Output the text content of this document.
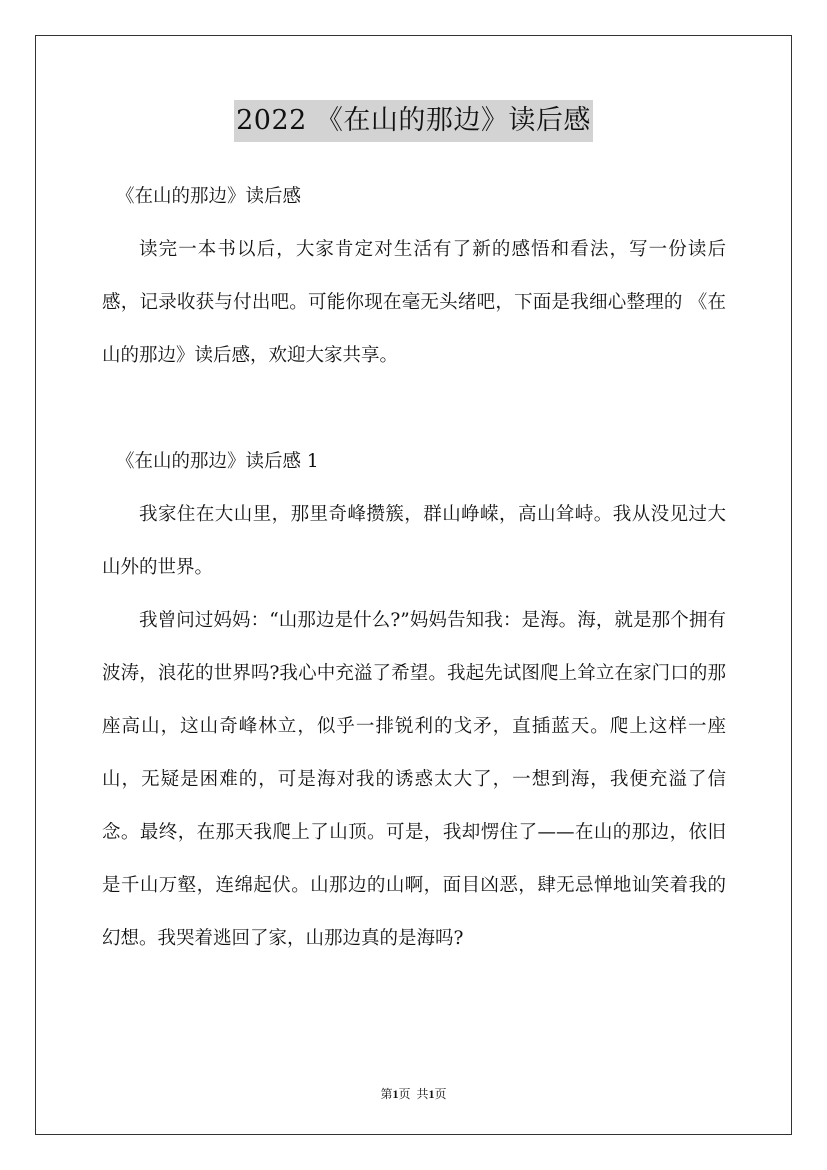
2022 《在山的那边》读后感

《在山的那边》读后感

读完一本书以后，大家肯定对生活有了新的感悟和看法，写一份读后感，记录收获与付出吧。可能你现在毫无头绪吧，下面是我细心整理的 《在山的那边》读后感，欢迎大家共享。

《在山的那边》读后感 1

我家住在大山里，那里奇峰攒簇，群山峥嵘，高山耸峙。我从没见过大山外的世界。

我曾问过妈妈：“山那边是什么?”妈妈告知我：是海。海，就是那个拥有波涛，浪花的世界吗?我心中充溢了希望。我起先试图爬上耸立在家门口的那座高山，这山奇峰林立，似乎一排锐利的戈矛，直插蓝天。爬上这样一座山，无疑是困难的，可是海对我的诱惑太大了，一想到海，我便充溢了信念。最终，在那天我爬上了山顶。可是，我却愣住了——在山的那边，依旧是千山万壑，连绵起伏。山那边的山啊，面目凶恶，肆无忌惮地讪笑着我的幻想。我哭着逃回了家，山那边真的是海吗?

第1页 共1页
